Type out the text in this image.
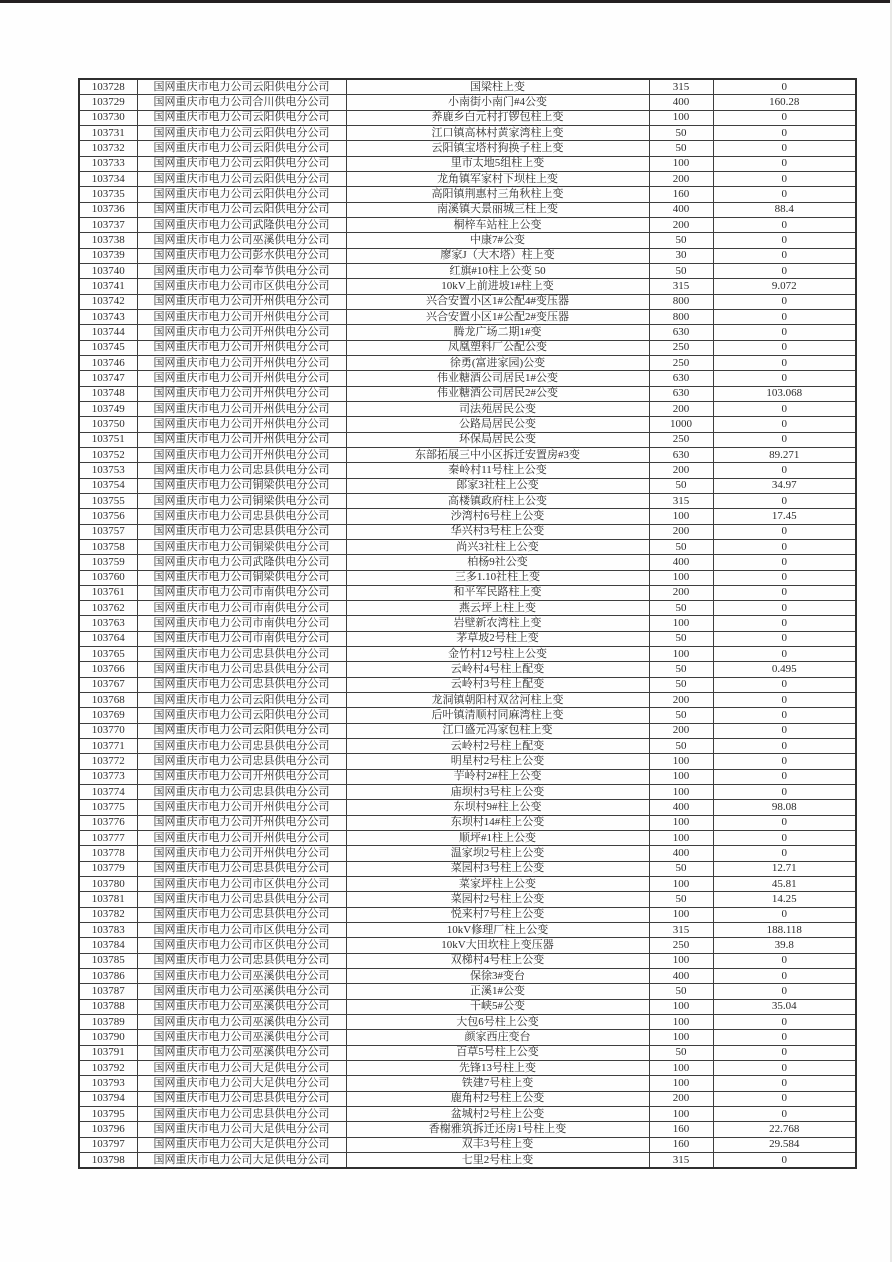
103728	国网重庆市电力公司云阳供电分公司	国梁柱上变	315	0
103729	国网重庆市电力公司合川供电分公司	小南街小南门#4公变	400	160.28
103730	国网重庆市电力公司云阳供电分公司	养鹿乡白元村打锣包柱上变	100	0
103731	国网重庆市电力公司云阳供电分公司	江口镇高林村黄家湾柱上变	50	0
103732	国网重庆市电力公司云阳供电分公司	云阳镇宝塔村狗换子柱上变	50	0
103733	国网重庆市电力公司云阳供电分公司	里市太地5组柱上变	100	0
103734	国网重庆市电力公司云阳供电分公司	龙角镇军家村下坝柱上变	200	0
103735	国网重庆市电力公司云阳供电分公司	高阳镇荆惠村三角秋柱上变	160	0
103736	国网重庆市电力公司云阳供电分公司	南溪镇天景丽城三柱上变	400	88.4
103737	国网重庆市电力公司武隆供电分公司	桐梓车站柱上公变	200	0
103738	国网重庆市电力公司巫溪供电分公司	中康7#公变	50	0
103739	国网重庆市电力公司彭水供电分公司	廖家J（大木塔）柱上变	30	0
103740	国网重庆市电力公司奉节供电分公司	红旗#10柱上公变 50	50	0
103741	国网重庆市电力公司市区供电分公司	10kV上前进坡1#柱上变	315	9.072
103742	国网重庆市电力公司开州供电分公司	兴合安置小区1#公配4#变压器	800	0
103743	国网重庆市电力公司开州供电分公司	兴合安置小区1#公配2#变压器	800	0
103744	国网重庆市电力公司开州供电分公司	腾龙广场二期1#变	630	0
103745	国网重庆市电力公司开州供电分公司	凤凰塑料厂公配公变	250	0
103746	国网重庆市电力公司开州供电分公司	徐勇(富进家园)公变	250	0
103747	国网重庆市电力公司开州供电分公司	伟业糖酒公司居民1#公变	630	0
103748	国网重庆市电力公司开州供电分公司	伟业糖酒公司居民2#公变	630	103.068
103749	国网重庆市电力公司开州供电分公司	司法苑居民公变	200	0
103750	国网重庆市电力公司开州供电分公司	公路局居民公变	1000	0
103751	国网重庆市电力公司开州供电分公司	环保局居民公变	250	0
103752	国网重庆市电力公司开州供电分公司	东部拓展三中小区拆迁安置房#3变	630	89.271
103753	国网重庆市电力公司忠县供电分公司	秦岭村11号柱上公变	200	0
103754	国网重庆市电力公司铜梁供电分公司	郎家3社柱上公变	50	34.97
103755	国网重庆市电力公司铜梁供电分公司	高楼镇政府柱上公变	315	0
103756	国网重庆市电力公司忠县供电分公司	沙湾村6号柱上公变	100	17.45
103757	国网重庆市电力公司忠县供电分公司	华兴村3号柱上公变	200	0
103758	国网重庆市电力公司铜梁供电分公司	尚兴3社柱上公变	50	0
103759	国网重庆市电力公司武隆供电分公司	柏杨9社公变	400	0
103760	国网重庆市电力公司铜梁供电分公司	三多1.10社柱上变	100	0
103761	国网重庆市电力公司市南供电分公司	和平军民路柱上变	200	0
103762	国网重庆市电力公司市南供电分公司	燕云坪上柱上变	50	0
103763	国网重庆市电力公司市南供电分公司	岩壁新农湾柱上变	100	0
103764	国网重庆市电力公司市南供电分公司	茅草坡2号柱上变	50	0
103765	国网重庆市电力公司忠县供电分公司	金竹村12号柱上公变	100	0
103766	国网重庆市电力公司忠县供电分公司	云岭村4号柱上配变	50	0.495
103767	国网重庆市电力公司忠县供电分公司	云岭村3号柱上配变	50	0
103768	国网重庆市电力公司云阳供电分公司	龙洞镇朝阳村双岔河柱上变	200	0
103769	国网重庆市电力公司云阳供电分公司	后叶镇清顺村同麻湾柱上变	50	0
103770	国网重庆市电力公司云阳供电分公司	江口盛元冯家包柱上变	200	0
103771	国网重庆市电力公司忠县供电分公司	云岭村2号柱上配变	50	0
103772	国网重庆市电力公司忠县供电分公司	明星村2号柱上公变	100	0
103773	国网重庆市电力公司开州供电分公司	芋岭村2#柱上公变	100	0
103774	国网重庆市电力公司忠县供电分公司	庙坝村3号柱上公变	100	0
103775	国网重庆市电力公司开州供电分公司	东坝村9#柱上公变	400	98.08
103776	国网重庆市电力公司开州供电分公司	东坝村14#柱上公变	100	0
103777	国网重庆市电力公司开州供电分公司	顺坪#1柱上公变	100	0
103778	国网重庆市电力公司开州供电分公司	温家坝2号柱上公变	400	0
103779	国网重庆市电力公司忠县供电分公司	菜园村3号柱上公变	50	12.71
103780	国网重庆市电力公司市区供电分公司	菜家坪柱上公变	100	45.81
103781	国网重庆市电力公司忠县供电分公司	菜园村2号柱上公变	50	14.25
103782	国网重庆市电力公司忠县供电分公司	悦来村7号柱上公变	100	0
103783	国网重庆市电力公司市区供电分公司	10kV修理厂柱上公变	315	188.118
103784	国网重庆市电力公司市区供电分公司	10kV大田坎柱上变压器	250	39.8
103785	国网重庆市电力公司忠县供电分公司	双梯村4号柱上公变	100	0
103786	国网重庆市电力公司巫溪供电分公司	保徐3#变台	400	0
103787	国网重庆市电力公司巫溪供电分公司	正溪1#公变	50	0
103788	国网重庆市电力公司巫溪供电分公司	干峡5#公变	100	35.04
103789	国网重庆市电力公司巫溪供电分公司	大包6号柱上公变	100	0
103790	国网重庆市电力公司巫溪供电分公司	颜家西庄变台	100	0
103791	国网重庆市电力公司巫溪供电分公司	百草5号柱上公变	50	0
103792	国网重庆市电力公司大足供电分公司	先锋13号柱上变	100	0
103793	国网重庆市电力公司大足供电分公司	铁建7号柱上变	100	0
103794	国网重庆市电力公司忠县供电分公司	鹿角村2号柱上公变	200	0
103795	国网重庆市电力公司忠县供电分公司	盆城村2号柱上公变	100	0
103796	国网重庆市电力公司大足供电分公司	香榭雅筑拆迁还房1号柱上变	160	22.768
103797	国网重庆市电力公司大足供电分公司	双丰3号柱上变	160	29.584
103798	国网重庆市电力公司大足供电分公司	七里2号柱上变	315	0
